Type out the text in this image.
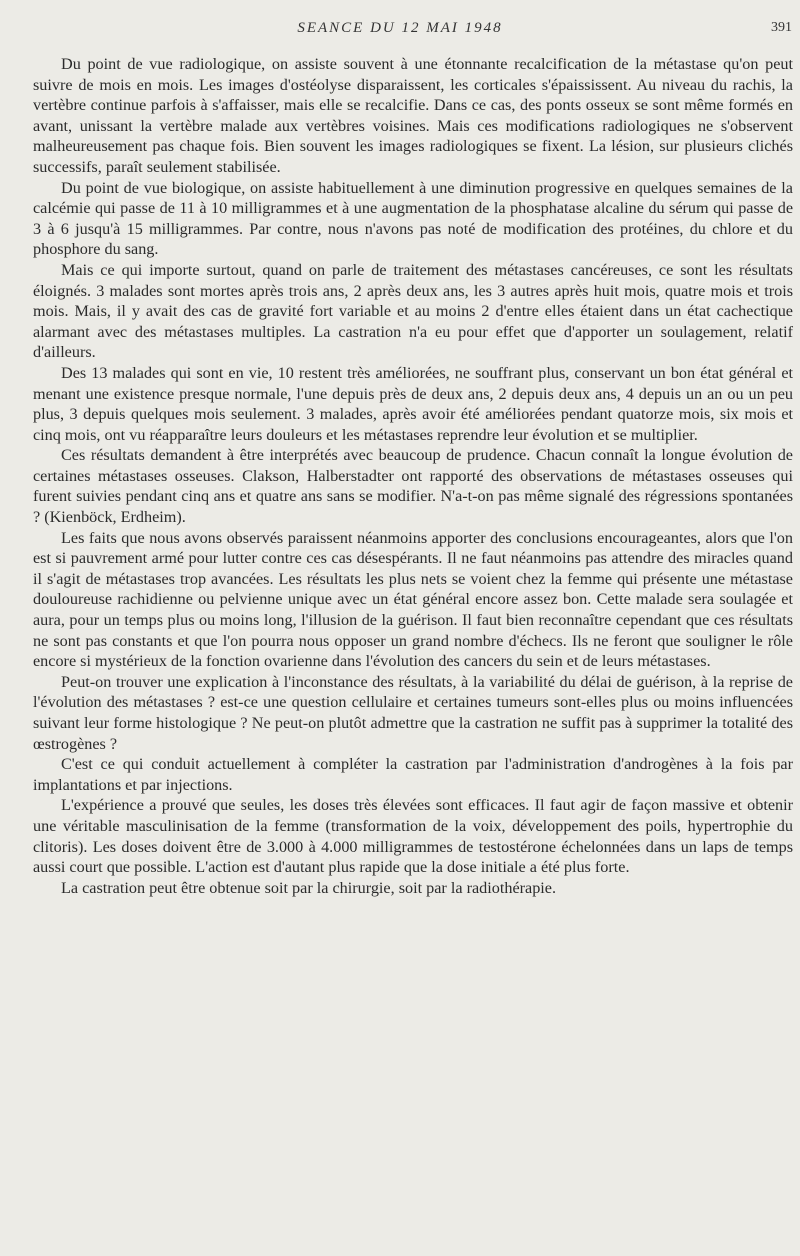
SEANCE DU 12 MAI 1948	391

Du point de vue radiologique, on assiste souvent à une étonnante recalcification de la métastase qu'on peut suivre de mois en mois. Les images d'ostéolyse disparaissent, les corticales s'épaississent. Au niveau du rachis, la vertèbre continue parfois à s'affaisser, mais elle se recalcifie. Dans ce cas, des ponts osseux se sont même formés en avant, unissant la vertèbre malade aux vertèbres voisines. Mais ces modifications radiologiques ne s'observent malheureusement pas chaque fois. Bien souvent les images radiologiques se fixent. La lésion, sur plusieurs clichés successifs, paraît seulement stabilisée.

Du point de vue biologique, on assiste habituellement à une diminution progressive en quelques semaines de la calcémie qui passe de 11 à 10 milligrammes et à une augmentation de la phosphatase alcaline du sérum qui passe de 3 à 6 jusqu'à 15 milligrammes. Par contre, nous n'avons pas noté de modification des protéines, du chlore et du phosphore du sang.

Mais ce qui importe surtout, quand on parle de traitement des métastases cancéreuses, ce sont les résultats éloignés. 3 malades sont mortes après trois ans, 2 après deux ans, les 3 autres après huit mois, quatre mois et trois mois. Mais, il y avait des cas de gravité fort variable et au moins 2 d'entre elles étaient dans un état cachectique alarmant avec des métastases multiples. La castration n'a eu pour effet que d'apporter un soulagement, relatif d'ailleurs.

Des 13 malades qui sont en vie, 10 restent très améliorées, ne souffrant plus, conservant un bon état général et menant une existence presque normale, l'une depuis près de deux ans, 2 depuis deux ans, 4 depuis un an ou un peu plus, 3 depuis quelques mois seulement. 3 malades, après avoir été améliorées pendant quatorze mois, six mois et cinq mois, ont vu réapparaître leurs douleurs et les métastases reprendre leur évolution et se multiplier.

Ces résultats demandent à être interprétés avec beaucoup de prudence. Chacun connaît la longue évolution de certaines métastases osseuses. Clakson, Halberstadter ont rapporté des observations de métastases osseuses qui furent suivies pendant cinq ans et quatre ans sans se modifier. N'a-t-on pas même signalé des régressions spontanées ? (Kienböck, Erdheim).

Les faits que nous avons observés paraissent néanmoins apporter des conclusions encourageantes, alors que l'on est si pauvrement armé pour lutter contre ces cas désespérants. Il ne faut néanmoins pas attendre des miracles quand il s'agit de métastases trop avancées. Les résultats les plus nets se voient chez la femme qui présente une métastase douloureuse rachidienne ou pelvienne unique avec un état général encore assez bon. Cette malade sera soulagée et aura, pour un temps plus ou moins long, l'illusion de la guérison. Il faut bien reconnaître cependant que ces résultats ne sont pas constants et que l'on pourra nous opposer un grand nombre d'échecs. Ils ne feront que souligner le rôle encore si mystérieux de la fonction ovarienne dans l'évolution des cancers du sein et de leurs métastases.

Peut-on trouver une explication à l'inconstance des résultats, à la variabilité du délai de guérison, à la reprise de l'évolution des métastases ? est-ce une question cellulaire et certaines tumeurs sont-elles plus ou moins influencées suivant leur forme histologique ? Ne peut-on plutôt admettre que la castration ne suffit pas à supprimer la totalité des œstrogènes ?

C'est ce qui conduit actuellement à compléter la castration par l'administration d'androgènes à la fois par implantations et par injections.

L'expérience a prouvé que seules, les doses très élevées sont efficaces. Il faut agir de façon massive et obtenir une véritable masculinisation de la femme (transformation de la voix, développement des poils, hypertrophie du clitoris). Les doses doivent être de 3.000 à 4.000 milligrammes de testostérone échelonnées dans un laps de temps aussi court que possible. L'action est d'autant plus rapide que la dose initiale a été plus forte.

La castration peut être obtenue soit par la chirurgie, soit par la radiothérapie.
